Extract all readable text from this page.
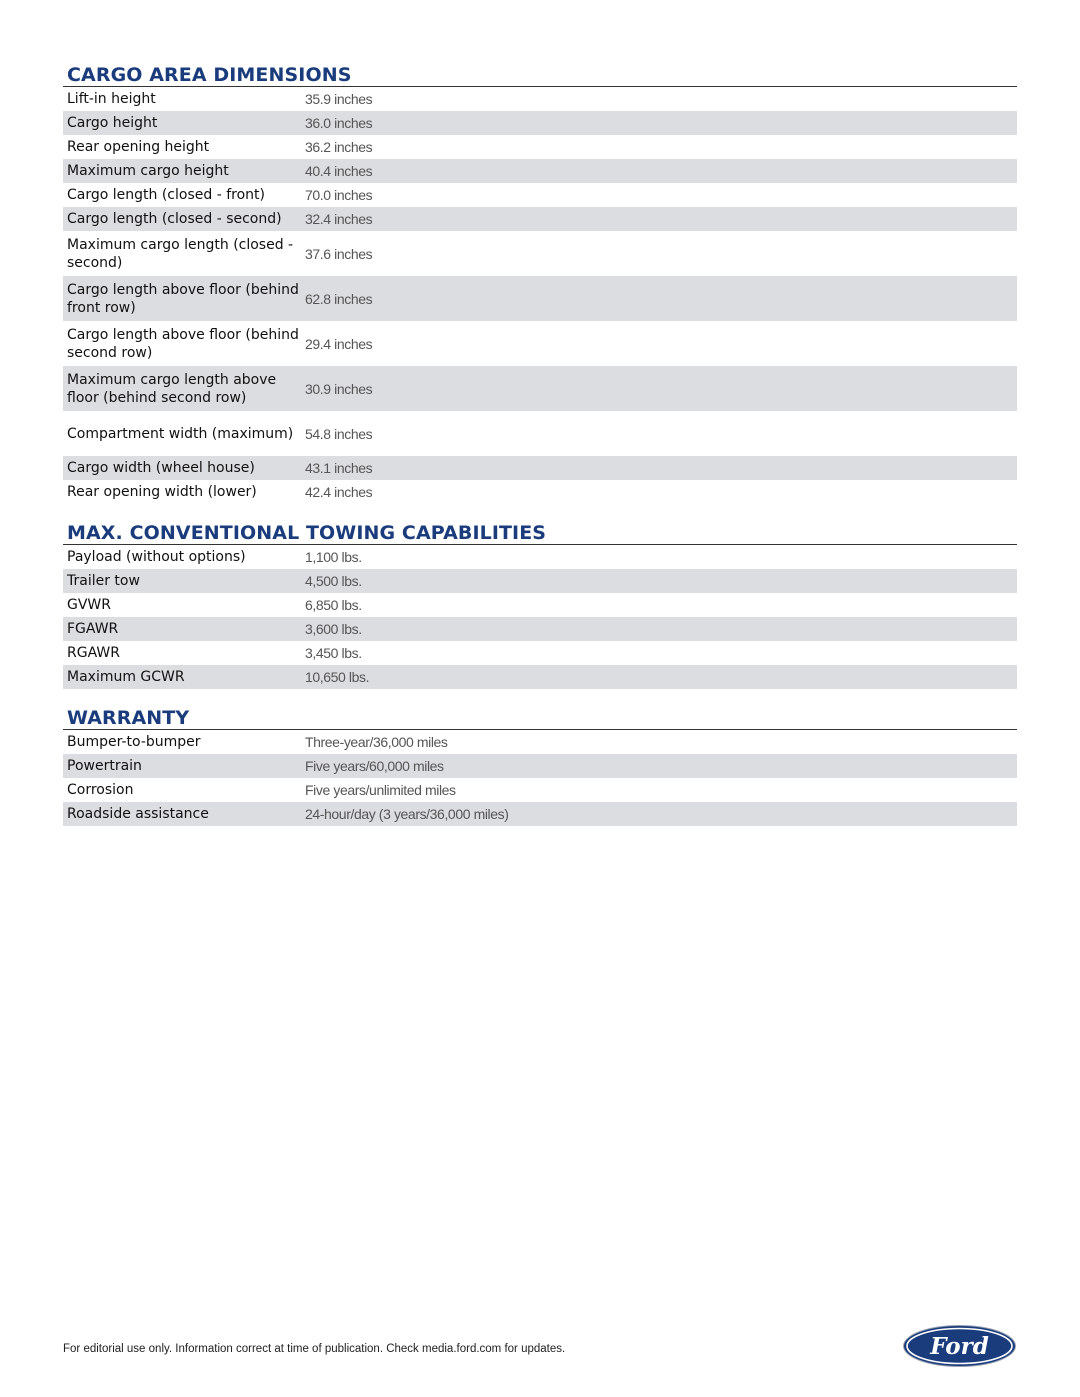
CARGO AREA DIMENSIONS
Lift-in height	35.9 inches
Cargo height	36.0 inches
Rear opening height	36.2 inches
Maximum cargo height	40.4 inches
Cargo length (closed - front)	70.0 inches
Cargo length (closed - second)	32.4 inches
Maximum cargo length (closed - second)	37.6 inches
Cargo length above floor (behind front row)	62.8 inches
Cargo length above floor (behind second row)	29.4 inches
Maximum cargo length above floor (behind second row)	30.9 inches
Compartment width (maximum)	54.8 inches
Cargo width (wheel house)	43.1 inches
Rear opening width (lower)	42.4 inches
MAX. CONVENTIONAL TOWING CAPABILITIES
Payload (without options)	1,100 lbs.
Trailer tow	4,500 lbs.
GVWR	6,850 lbs.
FGAWR	3,600 lbs.
RGAWR	3,450 lbs.
Maximum GCWR	10,650 lbs.
WARRANTY
Bumper-to-bumper	Three-year/36,000 miles
Powertrain	Five years/60,000 miles
Corrosion	Five years/unlimited miles
Roadside assistance	24-hour/day (3 years/36,000 miles)
For editorial use only. Information correct at time of publication. Check media.ford.com for updates.	Ford
